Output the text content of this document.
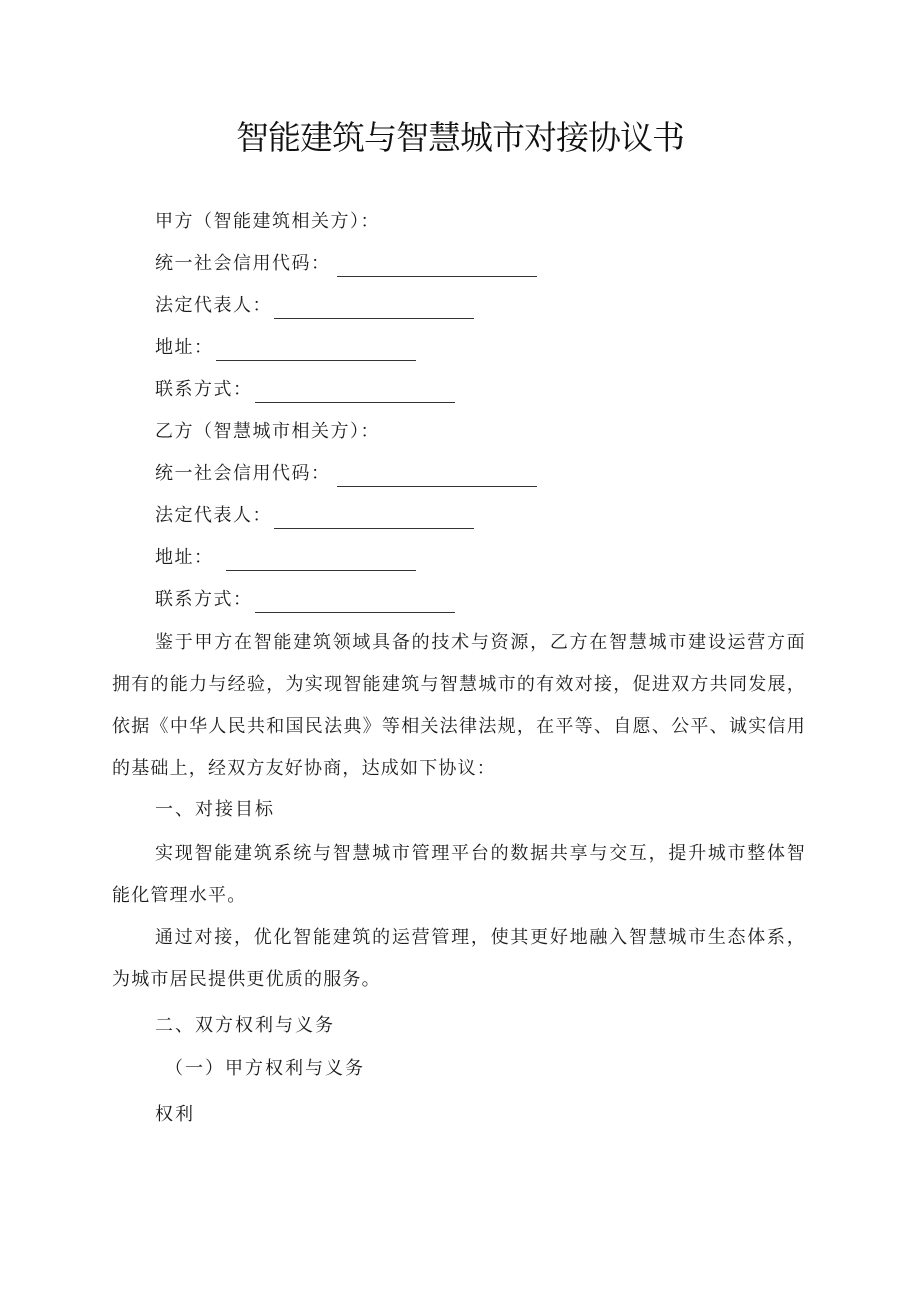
智能建筑与智慧城市对接协议书
甲方（智能建筑相关方）：
统一社会信用代码：
法定代表人：
地址：
联系方式：
乙方（智慧城市相关方）：
统一社会信用代码：
法定代表人：
地址：
联系方式：
鉴于甲方在智能建筑领域具备的技术与资源，乙方在智慧城市建设运营方面拥有的能力与经验，为实现智能建筑与智慧城市的有效对接，促进双方共同发展，依据《中华人民共和国民法典》等相关法律法规，在平等、自愿、公平、诚实信用的基础上，经双方友好协商，达成如下协议：
一、对接目标
实现智能建筑系统与智慧城市管理平台的数据共享与交互，提升城市整体智能化管理水平。
通过对接，优化智能建筑的运营管理，使其更好地融入智慧城市生态体系，为城市居民提供更优质的服务。
二、双方权利与义务
（一）甲方权利与义务
权利
